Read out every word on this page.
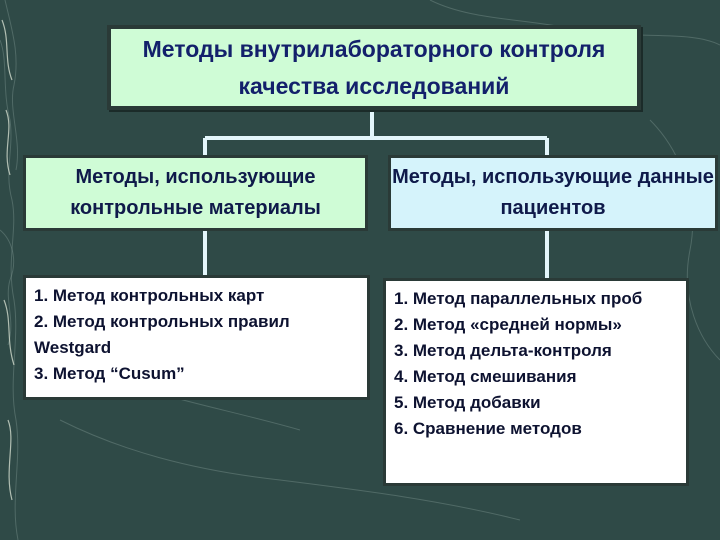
Методы внутрилабораторного контроля качества исследований
Методы, использующие контрольные материалы
Методы, использующие данные пациентов
1. Метод контрольных карт
2. Метод контрольных правил Westgard
3. Метод “Cusum”
1. Метод параллельных проб
2. Метод «средней нормы»
3. Метод дельта-контроля
4. Метод смешивания
5. Метод добавки
6. Сравнение методов
